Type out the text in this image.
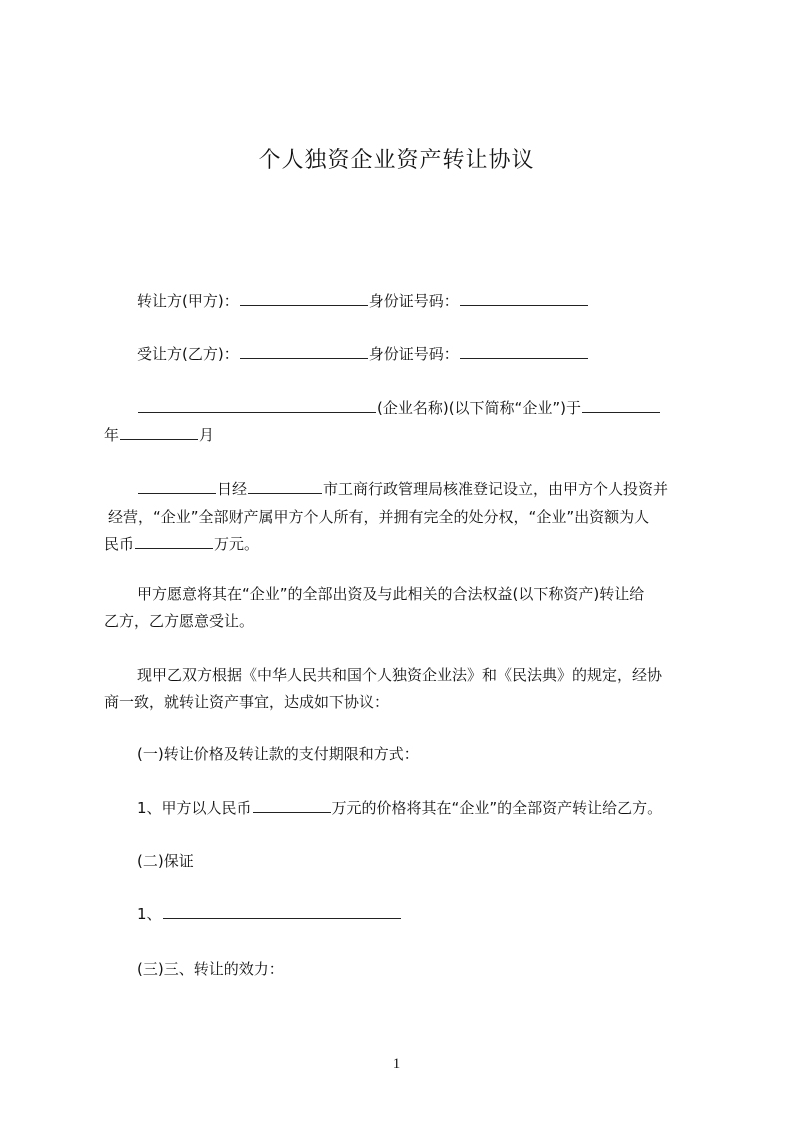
个人独资企业资产转让协议
转让方(甲方)：	身份证号码：
受让方(乙方)：	身份证号码：
(企业名称)(以下简称“企业”)于
年	月
日经	市工商行政管理局核准登记设立，由甲方个人投资并
经营，“企业”全部财产属甲方个人所有，并拥有完全的处分权，“企业”出资额为人
民币	万元。
甲方愿意将其在“企业”的全部出资及与此相关的合法权益(以下称资产)转让给
乙方，乙方愿意受让。
现甲乙双方根据《中华人民共和国个人独资企业法》和《民法典》的规定，经协
商一致，就转让资产事宜，达成如下协议：
(一)转让价格及转让款的支付期限和方式：
1、甲方以人民币	万元的价格将其在“企业”的全部资产转让给乙方。
(二)保证
1、
(三)三、转让的效力：
1
